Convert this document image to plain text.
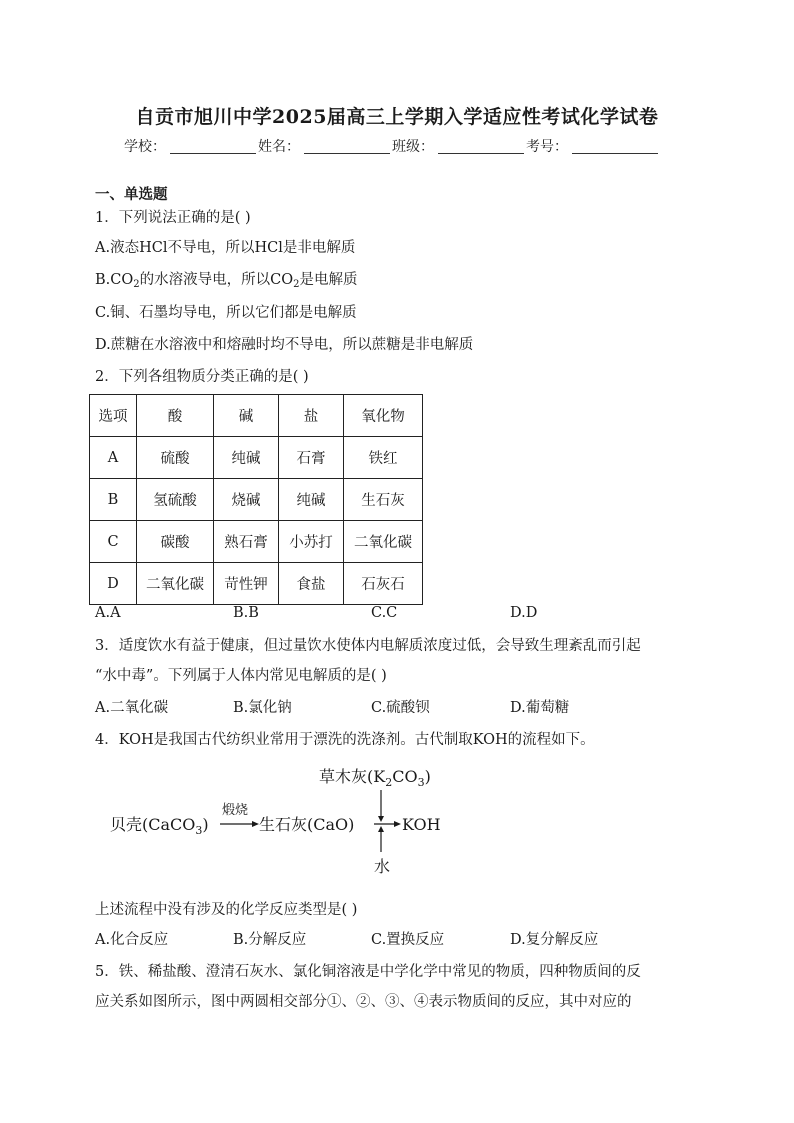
自贡市旭川中学2025届高三上学期入学适应性考试化学试卷
学校：	姓名：	班级：	考号：
一、单选题
1．下列说法正确的是( )
A.液态HCl不导电，所以HCl是非电解质
$B.CO_2$的水溶液导电，所以$CO_2$是电解质
C.铜、石墨均导电，所以它们都是电解质
D.蔗糖在水溶液中和熔融时均不导电，所以蔗糖是非电解质
2．下列各组物质分类正确的是( )
选项	酸	碱	盐	氧化物
A	硫酸	纯碱	石膏	铁红
B	氢硫酸	烧碱	纯碱	生石灰
C	碳酸	熟石膏	小苏打	二氧化碳
D	二氧化碳	苛性钾	食盐	石灰石
A.A	B.B	C.C	D.D
3．适度饮水有益于健康，但过量饮水使体内电解质浓度过低，会导致生理紊乱而引起
“水中毒”。下列属于人体内常见电解质的是( )
A.二氧化碳	B.氯化钠	C.硫酸钡	D.葡萄糖
4．KOH是我国古代纺织业常用于漂洗的洗涤剂。古代制取KOH的流程如下。
草木灰$(K_2CO_3)$
贝壳(CaCO$_3$)
煅烧
生石灰(CaO)	KOH
水
上述流程中没有涉及的化学反应类型是( )
A.化合反应	B.分解反应	C.置换反应	D.复分解反应
5．铁、稀盐酸、澄清石灰水、氯化铜溶液是中学化学中常见的物质，四种物质间的反
应关系如图所示，图中两圆相交部分①、②、③、④表示物质间的反应，其中对应的
